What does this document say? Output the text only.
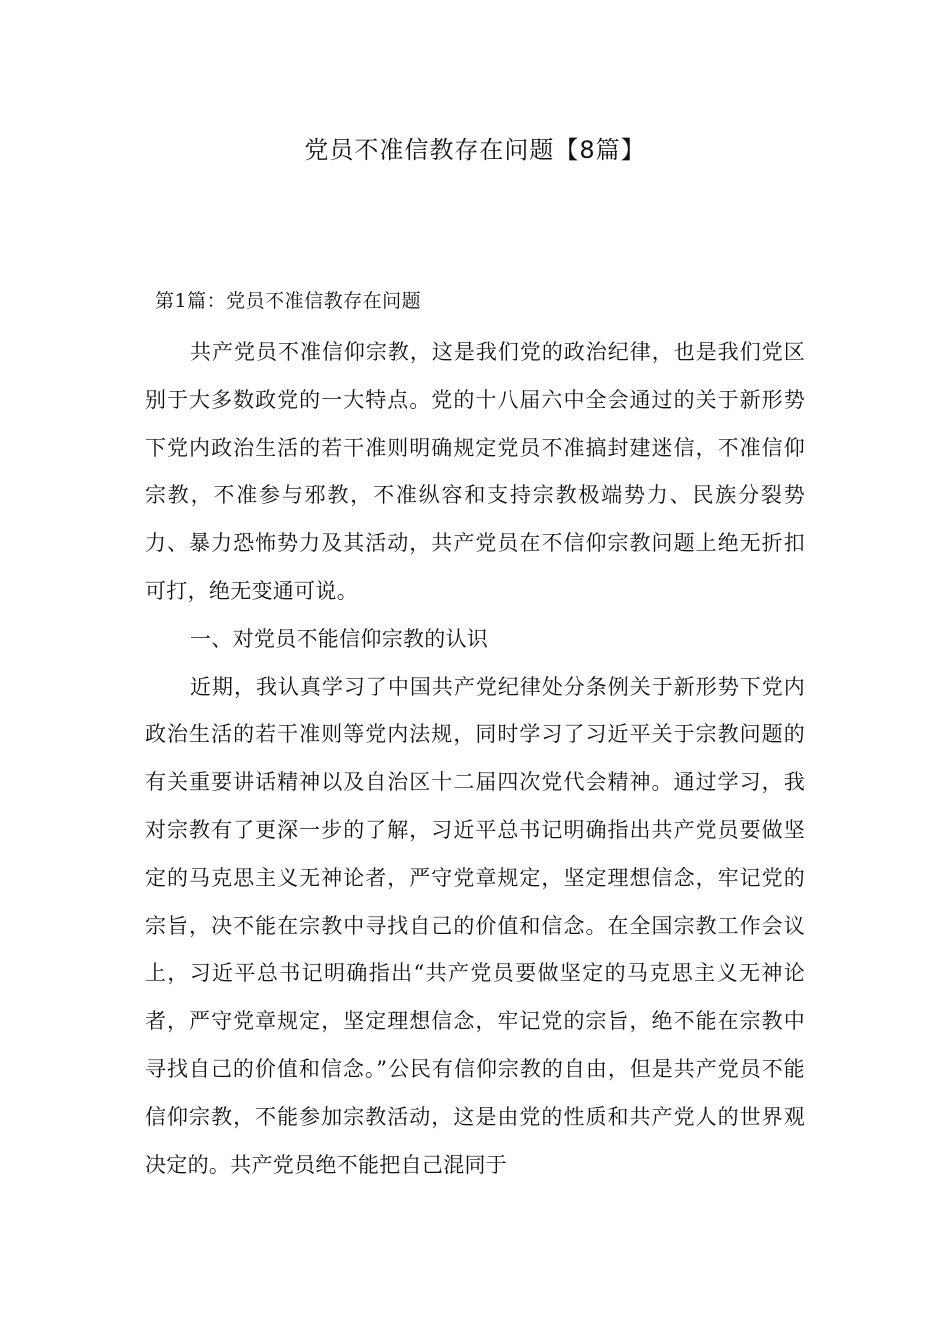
党员不准信教存在问题【8篇】
第1篇：党员不准信教存在问题

共产党员不准信仰宗教，这是我们党的政治纪律，也是我们党区别于大多数政党的一大特点。党的十八届六中全会通过的关于新形势下党内政治生活的若干准则明确规定党员不准搞封建迷信，不准信仰宗教，不准参与邪教，不准纵容和支持宗教极端势力、民族分裂势力、暴力恐怖势力及其活动，共产党员在不信仰宗教问题上绝无折扣可打，绝无变通可说。

一、对党员不能信仰宗教的认识

近期，我认真学习了中国共产党纪律处分条例关于新形势下党内政治生活的若干准则等党内法规，同时学习了习近平关于宗教问题的有关重要讲话精神以及自治区十二届四次党代会精神。通过学习，我对宗教有了更深一步的了解，习近平总书记明确指出共产党员要做坚定的马克思主义无神论者，严守党章规定，坚定理想信念，牢记党的宗旨，决不能在宗教中寻找自己的价值和信念。在全国宗教工作会议上，习近平总书记明确指出“共产党员要做坚定的马克思主义无神论者，严守党章规定，坚定理想信念，牢记党的宗旨，绝不能在宗教中寻找自己的价值和信念。”公民有信仰宗教的自由，但是共产党员不能信仰宗教，不能参加宗教活动，这是由党的性质和共产党人的世界观决定的。共产党员绝不能把自己混同于
